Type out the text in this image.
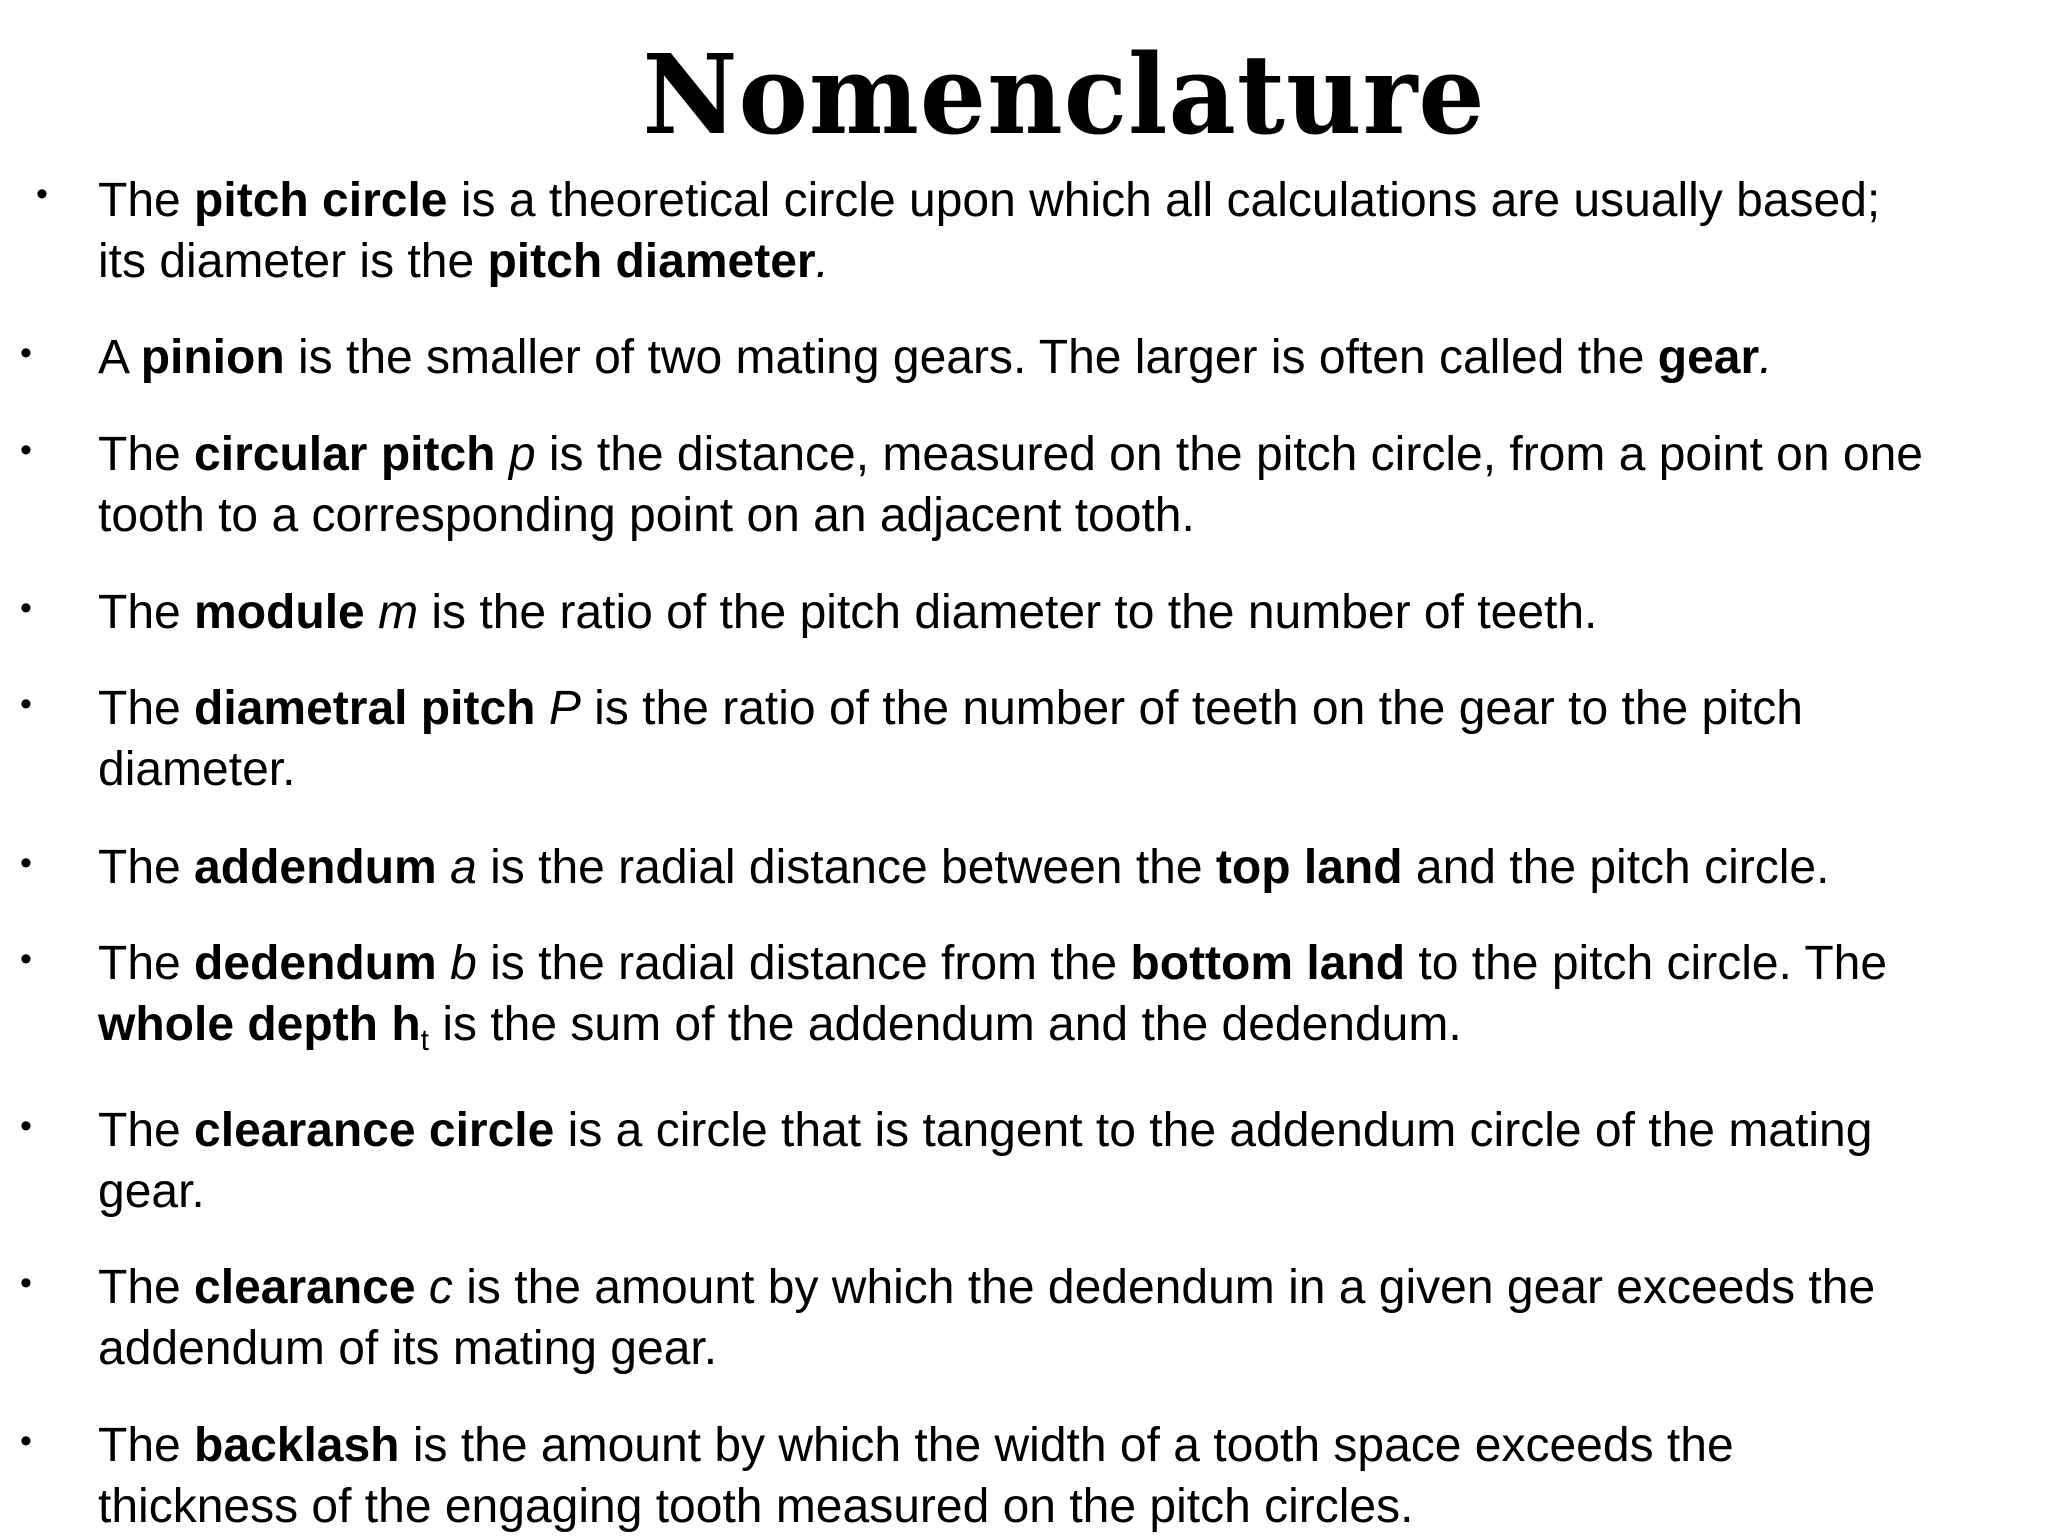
Nomenclature
• The pitch circle is a theoretical circle upon which all calculations are usually based;
its diameter is the pitch diameter.
• A pinion is the smaller of two mating gears. The larger is often called the gear.
• The circular pitch p is the distance, measured on the pitch circle, from a point on one
tooth to a corresponding point on an adjacent tooth.
• The module m is the ratio of the pitch diameter to the number of teeth.
• The diametral pitch P is the ratio of the number of teeth on the gear to the pitch
diameter.
• The addendum a is the radial distance between the top land and the pitch circle.
• The dedendum b is the radial distance from the bottom land to the pitch circle. The
whole depth $h_t$ is the sum of the addendum and the dedendum.
• The clearance circle is a circle that is tangent to the addendum circle of the mating
gear.
• The clearance c is the amount by which the dedendum in a given gear exceeds the
addendum of its mating gear.
• The backlash is the amount by which the width of a tooth space exceeds the
thickness of the engaging tooth measured on the pitch circles.
